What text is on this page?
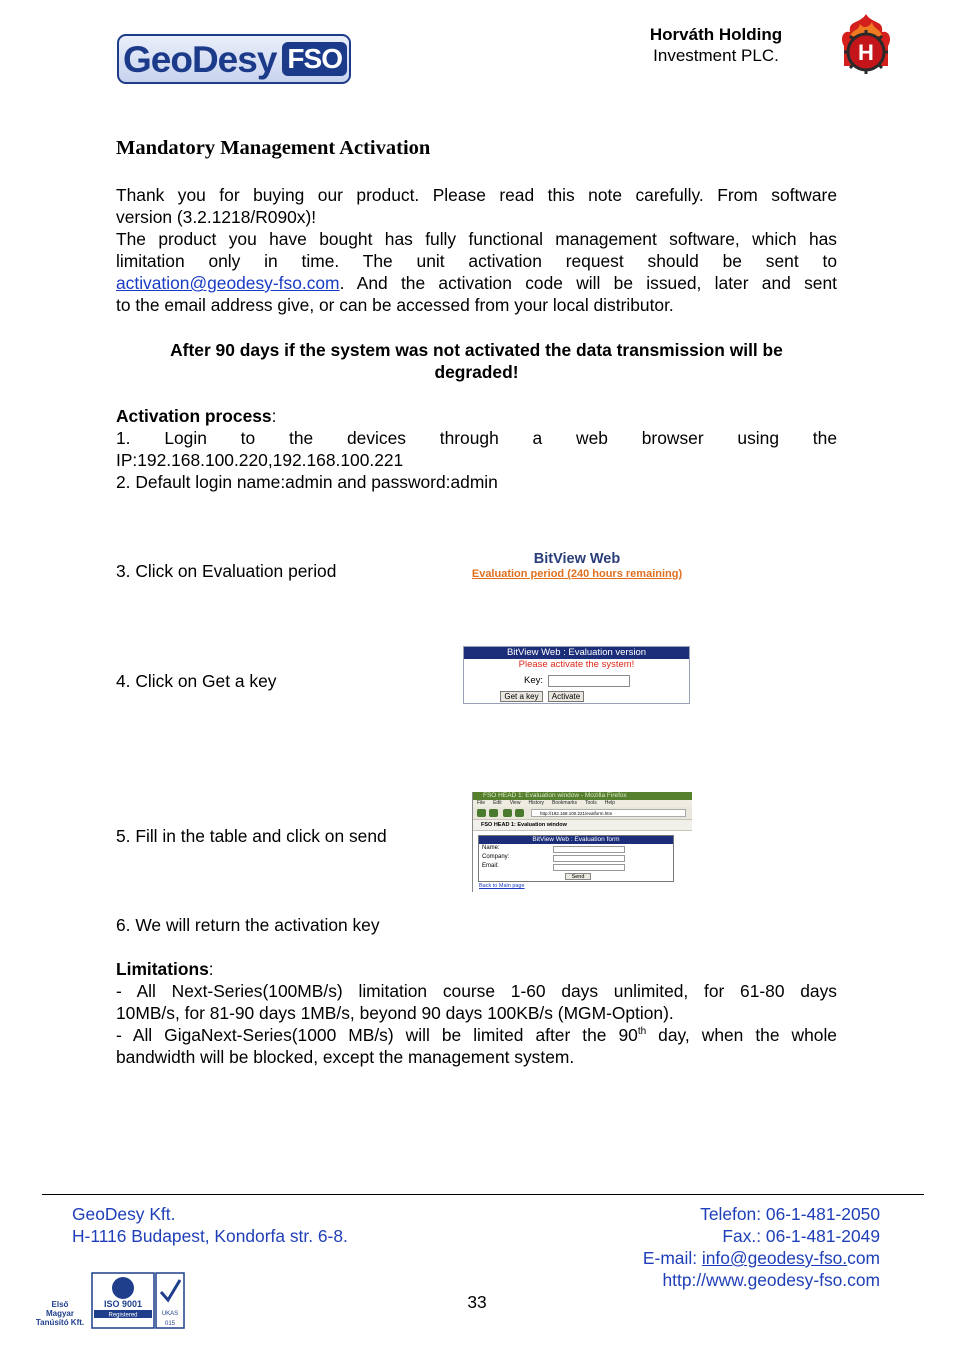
GeoDesy FSO
Horváth Holding
Investment PLC.	H
Mandatory Management Activation
Thank you for buying our product. Please read this note carefully. From software
version (3.2.1218/R090x)!
The product you have bought has fully functional management software, which has
limitation only in time. The unit activation request should be sent to
activation@geodesy-fso.com. And the activation code will be issued, later and sent
to the email address give, or can be accessed from your local distributor.
After 90 days if the system was not activated the data transmission will be
degraded!
Activation process:
1. Login to the devices through a web browser using the
IP:192.168.100.220,192.168.100.221
2. Default login name:admin and password:admin
3. Click on Evaluation period
4. Click on Get a key
5. Fill in the table and click on send
6. We will return the activation key
BitView Web
Evaluation period (240 hours remaining)
BitView Web : Evaluation version
Please activate the system!
Key:
Get a key	Activate
FSO HEAD 1: Evaluation window - Mozilla Firefox
File Edit View History Bookmarks Tools Help
http://192.168.100.221/evalform.htm
FSO HEAD 1: Evaluation window
BitView Web : Evaluation form
Name:
Company:
Email:
Send
Back to Main page
Limitations:
- All Next-Series(100MB/s) limitation course 1-60 days unlimited, for 61-80 days
10MB/s, for 81-90 days 1MB/s, beyond 90 days 100KB/s (MGM-Option).
- All GigaNext-Series(1000 MB/s) will be limited after the 90th day, when the whole
bandwidth will be blocked, except the management system.
GeoDesy Kft.
H-1116 Budapest, Kondorfa str. 6-8.
Telefon: 06-1-481-2050
Fax.: 06-1-481-2049
E-mail: info@geodesy-fso.com
http://www.geodesy-fso.com
33
Első
Magyar
Tanúsító Kft.
ISO 9001
Registered	UKAS
015
